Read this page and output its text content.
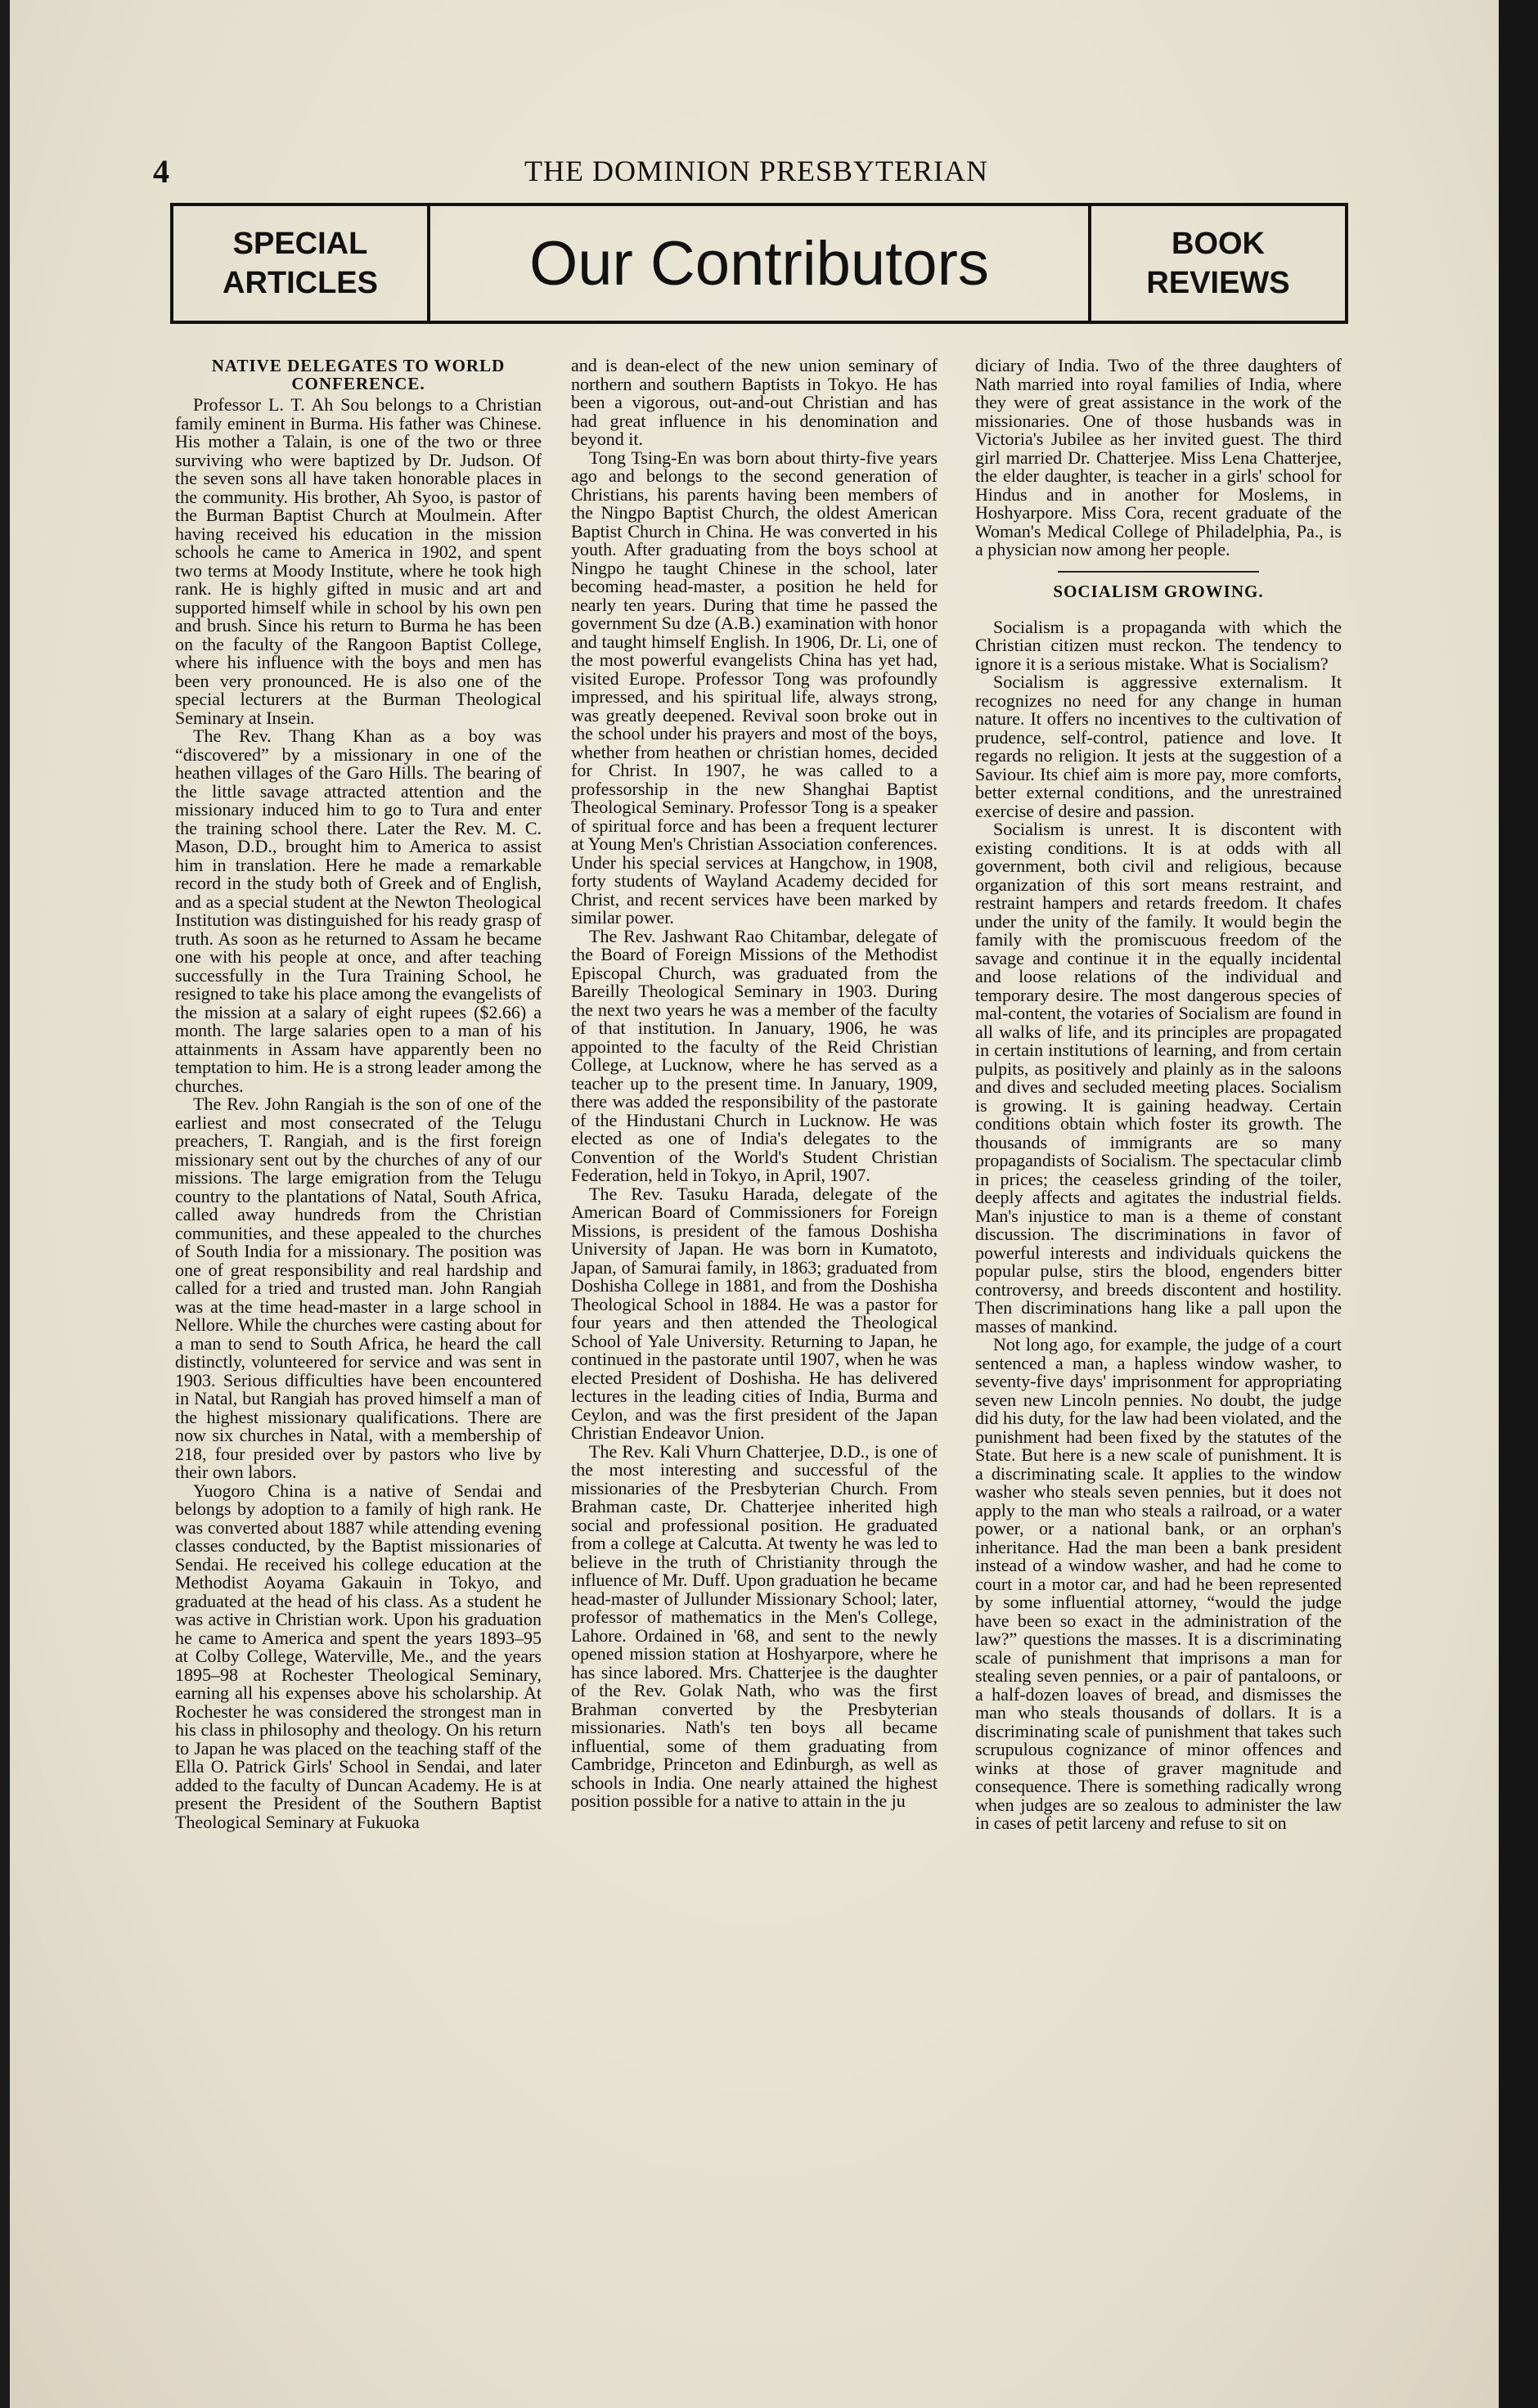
4	THE DOMINION PRESBYTERIAN
SPECIAL
ARTICLES	Our Contributors	BOOK
REVIEWS
NATIVE DELEGATES TO WORLD CONFERENCE.

Professor L. T. Ah Sou belongs to a Christian family eminent in Burma. His father was Chinese. His mother a Talain, is one of the two or three surviving who were baptized by Dr. Judson. Of the seven sons all have taken honorable places in the community. His brother, Ah Syoo, is pastor of the Burman Baptist Church at Moulmein. After having received his education in the mission schools he came to America in 1902, and spent two terms at Moody Institute, where he took high rank. He is highly gifted in music and art and supported himself while in school by his own pen and brush. Since his return to Burma he has been on the faculty of the Rangoon Baptist College, where his influence with the boys and men has been very pronounced. He is also one of the special lecturers at the Burman Theological Seminary at Insein.

The Rev. Thang Khan as a boy was “discovered” by a missionary in one of the heathen villages of the Garo Hills. The bearing of the little savage attracted attention and the missionary induced him to go to Tura and enter the training school there. Later the Rev. M. C. Mason, D.D., brought him to America to assist him in translation. Here he made a remarkable record in the study both of Greek and of English, and as a special student at the Newton Theological Institution was distinguished for his ready grasp of truth. As soon as he returned to Assam he became one with his people at once, and after teaching successfully in the Tura Training School, he resigned to take his place among the evangelists of the mission at a salary of eight rupees ($2.66) a month. The large salaries open to a man of his attainments in Assam have apparently been no temptation to him. He is a strong leader among the churches.

The Rev. John Rangiah is the son of one of the earliest and most consecrated of the Telugu preachers, T. Rangiah, and is the first foreign missionary sent out by the churches of any of our missions. The large emigration from the Telugu country to the plantations of Natal, South Africa, called away hundreds from the Christian communities, and these appealed to the churches of South India for a missionary. The position was one of great responsibility and real hardship and called for a tried and trusted man. John Rangiah was at the time head-master in a large school in Nellore. While the churches were casting about for a man to send to South Africa, he heard the call distinctly, volunteered for service and was sent in 1903. Serious difficulties have been encountered in Natal, but Rangiah has proved himself a man of the highest missionary qualifications. There are now six churches in Natal, with a membership of 218, four presided over by pastors who live by their own labors.

Yuogoro China is a native of Sendai and belongs by adoption to a family of high rank. He was converted about 1887 while attending evening classes conducted, by the Baptist missionaries of Sendai. He received his college education at the Methodist Aoyama Gakauin in Tokyo, and graduated at the head of his class. As a student he was active in Christian work. Upon his graduation he came to America and spent the years 1893–95 at Colby College, Waterville, Me., and the years 1895–98 at Rochester Theological Seminary, earning all his expenses above his scholarship. At Rochester he was considered the strongest man in his class in philosophy and theology. On his return to Japan he was placed on the teaching staff of the Ella O. Patrick Girls' School in Sendai, and later added to the faculty of Duncan Academy. He is at present the President of the Southern Baptist Theological Seminary at Fukuoka

and is dean-elect of the new union seminary of northern and southern Baptists in Tokyo. He has been a vigorous, out-and-out Christian and has had great influence in his denomination and beyond it.

Tong Tsing-En was born about thirty-five years ago and belongs to the second generation of Christians, his parents having been members of the Ningpo Baptist Church, the oldest American Baptist Church in China. He was converted in his youth. After graduating from the boys school at Ningpo he taught Chinese in the school, later becoming head-master, a position he held for nearly ten years. During that time he passed the government Su dze (A.B.) examination with honor and taught himself English. In 1906, Dr. Li, one of the most powerful evangelists China has yet had, visited Europe. Professor Tong was profoundly impressed, and his spiritual life, always strong, was greatly deepened. Revival soon broke out in the school under his prayers and most of the boys, whether from heathen or christian homes, decided for Christ. In 1907, he was called to a professorship in the new Shanghai Baptist Theological Seminary. Professor Tong is a speaker of spiritual force and has been a frequent lecturer at Young Men's Christian Association conferences. Under his special services at Hangchow, in 1908, forty students of Wayland Academy decided for Christ, and recent services have been marked by similar power.

The Rev. Jashwant Rao Chitambar, delegate of the Board of Foreign Missions of the Methodist Episcopal Church, was graduated from the Bareilly Theological Seminary in 1903. During the next two years he was a member of the faculty of that institution. In January, 1906, he was appointed to the faculty of the Reid Christian College, at Lucknow, where he has served as a teacher up to the present time. In January, 1909, there was added the responsibility of the pastorate of the Hindustani Church in Lucknow. He was elected as one of India's delegates to the Convention of the World's Student Christian Federation, held in Tokyo, in April, 1907.

The Rev. Tasuku Harada, delegate of the American Board of Commissioners for Foreign Missions, is president of the famous Doshisha University of Japan. He was born in Kumatoto, Japan, of Samurai family, in 1863; graduated from Doshisha College in 1881, and from the Doshisha Theological School in 1884. He was a pastor for four years and then attended the Theological School of Yale University. Returning to Japan, he continued in the pastorate until 1907, when he was elected President of Doshisha. He has delivered lectures in the leading cities of India, Burma and Ceylon, and was the first president of the Japan Christian Endeavor Union.

The Rev. Kali Vhurn Chatterjee, D.D., is one of the most interesting and successful of the missionaries of the Presbyterian Church. From Brahman caste, Dr. Chatterjee inherited high social and professional position. He graduated from a college at Calcutta. At twenty he was led to believe in the truth of Christianity through the influence of Mr. Duff. Upon graduation he became head-master of Jullunder Missionary School; later, professor of mathematics in the Men's College, Lahore. Ordained in '68, and sent to the newly opened mission station at Hoshyarpore, where he has since labored. Mrs. Chatterjee is the daughter of the Rev. Golak Nath, who was the first Brahman converted by the Presbyterian missionaries. Nath's ten boys all became influential, some of them graduating from Cambridge, Princeton and Edinburgh, as well as schools in India. One nearly attained the highest position possible for a native to attain in the ju

diciary of India. Two of the three daughters of Nath married into royal families of India, where they were of great assistance in the work of the missionaries. One of those husbands was in Victoria's Jubilee as her invited guest. The third girl married Dr. Chatterjee. Miss Lena Chatterjee, the elder daughter, is teacher in a girls' school for Hindus and in another for Moslems, in Hoshyarpore. Miss Cora, recent graduate of the Woman's Medical College of Philadelphia, Pa., is a physician now among her people.

SOCIALISM GROWING.

Socialism is a propaganda with which the Christian citizen must reckon. The tendency to ignore it is a serious mistake. What is Socialism?

Socialism is aggressive externalism. It recognizes no need for any change in human nature. It offers no incentives to the cultivation of prudence, self-control, patience and love. It regards no religion. It jests at the suggestion of a Saviour. Its chief aim is more pay, more comforts, better external conditions, and the unrestrained exercise of desire and passion.

Socialism is unrest. It is discontent with existing conditions. It is at odds with all government, both civil and religious, because organization of this sort means restraint, and restraint hampers and retards freedom. It chafes under the unity of the family. It would begin the family with the promiscuous freedom of the savage and continue it in the equally incidental and loose relations of the individual and temporary desire. The most dangerous species of mal-content, the votaries of Socialism are found in all walks of life, and its principles are propagated in certain institutions of learning, and from certain pulpits, as positively and plainly as in the saloons and dives and secluded meeting places. Socialism is growing. It is gaining headway. Certain conditions obtain which foster its growth. The thousands of immigrants are so many propagandists of Socialism. The spectacular climb in prices; the ceaseless grinding of the toiler, deeply affects and agitates the industrial fields. Man's injustice to man is a theme of constant discussion. The discriminations in favor of powerful interests and individuals quickens the popular pulse, stirs the blood, engenders bitter controversy, and breeds discontent and hostility. Then discriminations hang like a pall upon the masses of mankind.

Not long ago, for example, the judge of a court sentenced a man, a hapless window washer, to seventy-five days' imprisonment for appropriating seven new Lincoln pennies. No doubt, the judge did his duty, for the law had been violated, and the punishment had been fixed by the statutes of the State. But here is a new scale of punishment. It is a discriminating scale. It applies to the window washer who steals seven pennies, but it does not apply to the man who steals a railroad, or a water power, or a national bank, or an orphan's inheritance. Had the man been a bank president instead of a window washer, and had he come to court in a motor car, and had he been represented by some influential attorney, “would the judge have been so exact in the administration of the law?” questions the masses. It is a discriminating scale of punishment that imprisons a man for stealing seven pennies, or a pair of pantaloons, or a half-dozen loaves of bread, and dismisses the man who steals thousands of dollars. It is a discriminating scale of punishment that takes such scrupulous cognizance of minor offences and winks at those of graver magnitude and consequence. There is something radically wrong when judges are so zealous to administer the law in cases of petit larceny and refuse to sit on
